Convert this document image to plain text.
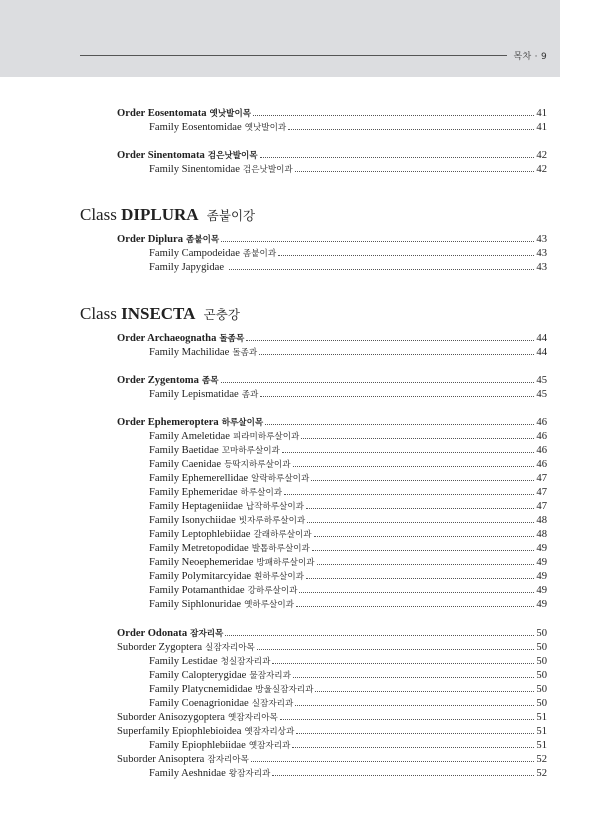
목차 · 9
Class DIPLURA 좀붙이강
Class INSECTA 곤충강
Order Eosentomata 옛낫발이목	41
Family Eosentomidae 옛낫발이과	41
Order Sinentomata 검은낫발이목	42
Family Sinentomidae 검은낫발이과	42
Order Diplura 좀붙이목	43
Family Campodeidae 좀붙이과	43
Family Japygidae	43
Order Archaeognatha 돌좀목	44
Family Machilidae 돌좀과	44
Order Zygentoma 좀목	45
Family Lepismatidae 좀과	45
Order Ephemeroptera 하루살이목	46
Family Ameletidae 피라미하루살이과	46
Family Baetidae 꼬마하루살이과	46
Family Caenidae 등딱지하루살이과	46
Family Ephemerellidae 알락하루살이과	47
Family Ephemeridae 하루살이과	47
Family Heptageniidae 납작하루살이과	47
Family Isonychiidae 빗자루하루살이과	48
Family Leptophlebiidae 갈래하루살이과	48
Family Metretopodidae 발톱하루살이과	49
Family Neoephemeridae 방패하루살이과	49
Family Polymitarcyidae 흰하루살이과	49
Family Potamanthidae 강하루살이과	49
Family Siphlonuridae 옛하루살이과	49
Order Odonata 잠자리목	50
Suborder Zygoptera 실잠자리아목	50
Family Lestidae 청실잠자리과	50
Family Calopterygidae 물잠자리과	50
Family Platycnemididae 방울실잠자리과	50
Family Coenagrionidae 실잠자리과	50
Suborder Anisozygoptera 옛잠자리아목	51
Superfamily Epiophlebioidea 옛잠자리상과	51
Family Epiophlebiidae 옛잠자리과	51
Suborder Anisoptera 잠자리아목	52
Family Aeshnidae 왕잠자리과	52
